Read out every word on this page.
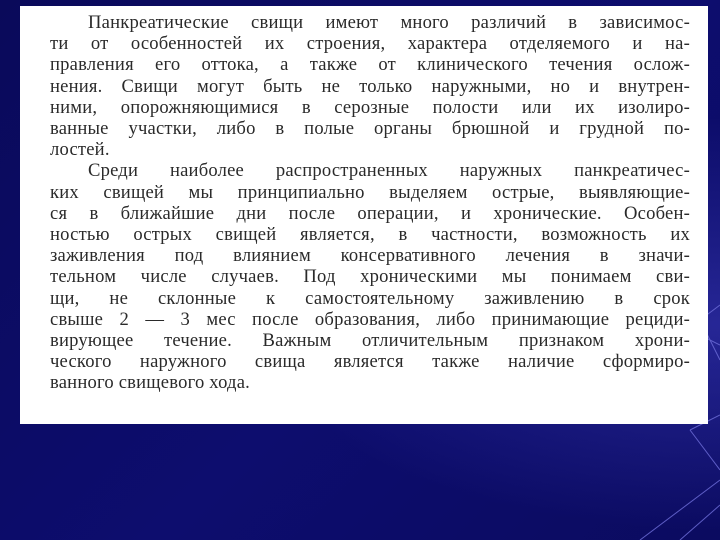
Панкреатические свищи имеют много различий в зависимос-
ти от особенностей их строения, характера отделяемого и на-
правления его оттока, а также от клинического течения ослож-
нения. Свищи могут быть не только наружными, но и внутрен-
ними, опорожняющимися в серозные полости или их изолиро-
ванные участки, либо в полые органы брюшной и грудной по-
лостей.

Среди наиболее распространенных наружных панкреатичес-
ких свищей мы принципиально выделяем острые, выявляющие-
ся в ближайшие дни после операции, и хронические. Особен-
ностью острых свищей является, в частности, возможность их
заживления под влиянием консервативного лечения в значи-
тельном числе случаев. Под хроническими мы понимаем сви-
щи, не склонные к самостоятельному заживлению в срок
свыше 2 — 3 мес после образования, либо принимающие рециди-
вирующее течение. Важным отличительным признаком хрони-
ческого наружного свища является также наличие сформиро-
ванного свищевого хода.
